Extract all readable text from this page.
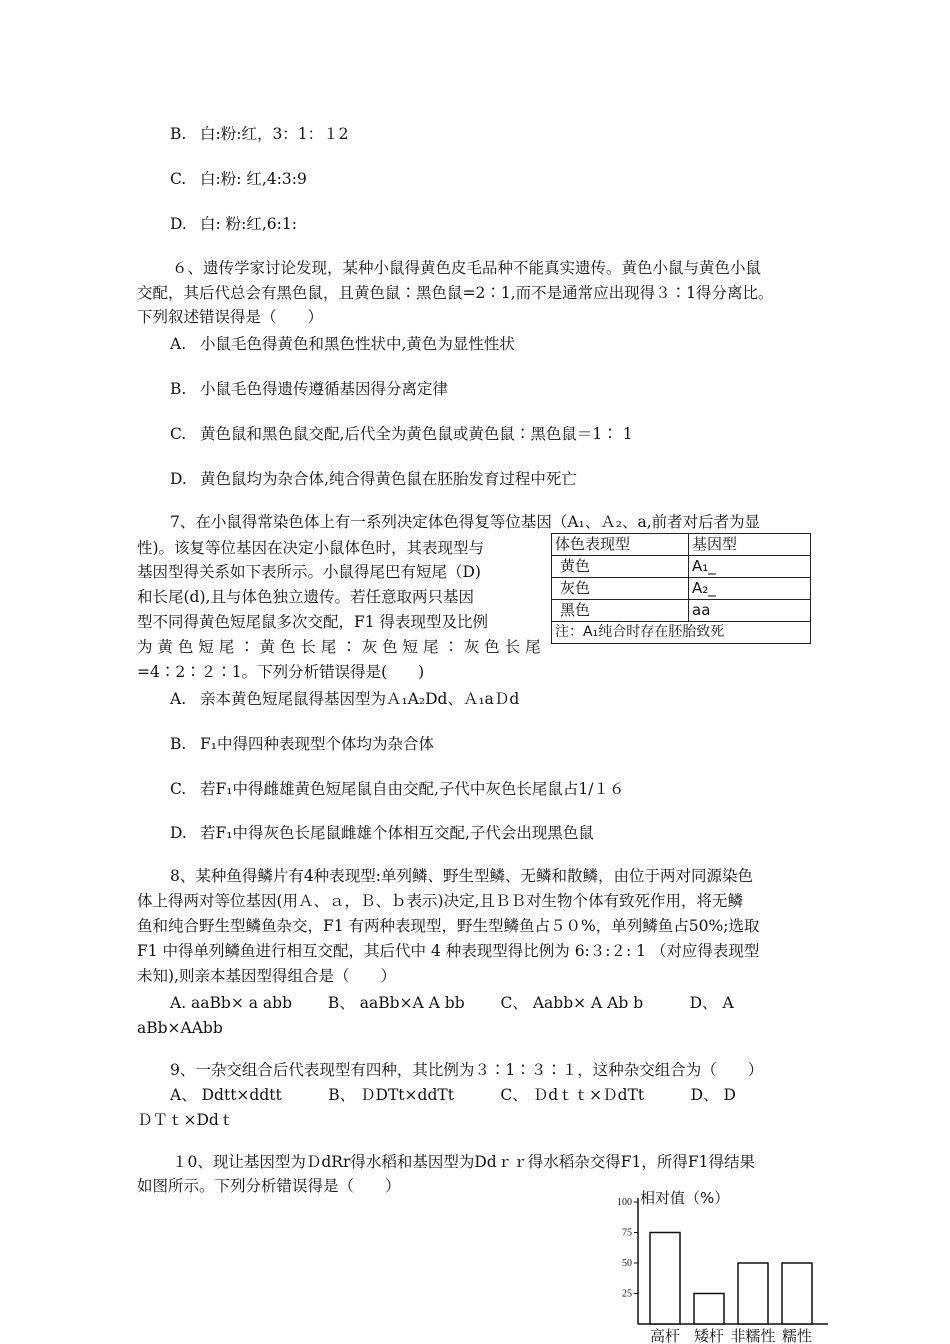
B. 白:粉:红，3：1：１2
C. 白:粉: 红,4:3:9
D. 白: 粉:红,6:1:
６、遗传学家讨论发现，某种小鼠得黄色皮毛品种不能真实遗传。黄色小鼠与黄色小鼠
交配，其后代总会有黑色鼠，且黄色鼠∶黑色鼠=2∶1,而不是通常应出现得３∶1得分离比。
下列叙述错误得是（　　）
A. 小鼠毛色得黄色和黑色性状中,黄色为显性性状
B. 小鼠毛色得遗传遵循基因得分离定律
C. 黄色鼠和黑色鼠交配,后代全为黄色鼠或黄色鼠∶黑色鼠＝1∶ 1
D. 黄色鼠均为杂合体,纯合得黄色鼠在胚胎发育过程中死亡
7、在小鼠得常染色体上有一系列决定体色得复等位基因（A₁、Ａ₂、a,前者对后者为显
性)。该复等位基因在决定小鼠体色时，其表现型与
基因型得关系如下表所示。小鼠得尾巴有短尾（D)
和长尾(d),且与体色独立遗传。若任意取两只基因
型不同得黄色短尾鼠多次交配，F1 得表现型及比例
为 黄 色 短 尾 ∶ 黄 色 长 尾 ∶ 灰 色 短 尾 ∶ 灰 色 长 尾
=4∶2∶２∶1。下列分析错误得是(　　)
体色表现型	基因型
黄色	A₁_
灰色	A₂_
黑色	aa
注：A₁纯合时存在胚胎致死	
A. 亲本黄色短尾鼠得基因型为Ａ₁A₂Dd、Ａ₁aＤd
B. F₁中得四种表现型个体均为杂合体
C. 若F₁中得雌雄黄色短尾鼠自由交配,子代中灰色长尾鼠占1/１６
D. 若F₁中得灰色长尾鼠雌雄个体相互交配,子代会出现黑色鼠
8、某种鱼得鳞片有4种表现型:单列鳞、野生型鳞、无鳞和散鳞，由位于两对同源染色
体上得两对等位基因(用Ａ、ａ，Ｂ、ｂ表示)决定,且ＢＢ对生物个体有致死作用，将无鳞
鱼和纯合野生型鳞鱼杂交，F1 有两种表现型，野生型鳞鱼占５０%，单列鳞鱼占50%;选取
F1 中得单列鳞鱼进行相互交配，其后代中 4 种表现型得比例为 6:３:２: 1 （对应得表现型
未知),则亲本基因型得组合是（　　）
A. aaBb× a abb　　 B、 aaBb×A A bb　　 C、 Aabb× A Ab b　　　D、 A
aBb×AAbb
9、一杂交组合后代表现型有四种，其比例为３∶1∶３∶１，这种杂交组合为（　　）
A、 Ddtt×ddtt　　　B、 ＤDTt×ddTt　　　C、 Ｄdｔｔ×ＤdTt　　　D、 D
ＤＴｔ×Ddｔ
１0、现让基因型为ＤdRr得水稻和基因型为Ddｒｒ得水稻杂交得F1，所得F1得结果
如图所示。下列分析错误得是（　　）
25
50
75
100 相对值（%）
高杆 矮杆 非糯性 糯性
